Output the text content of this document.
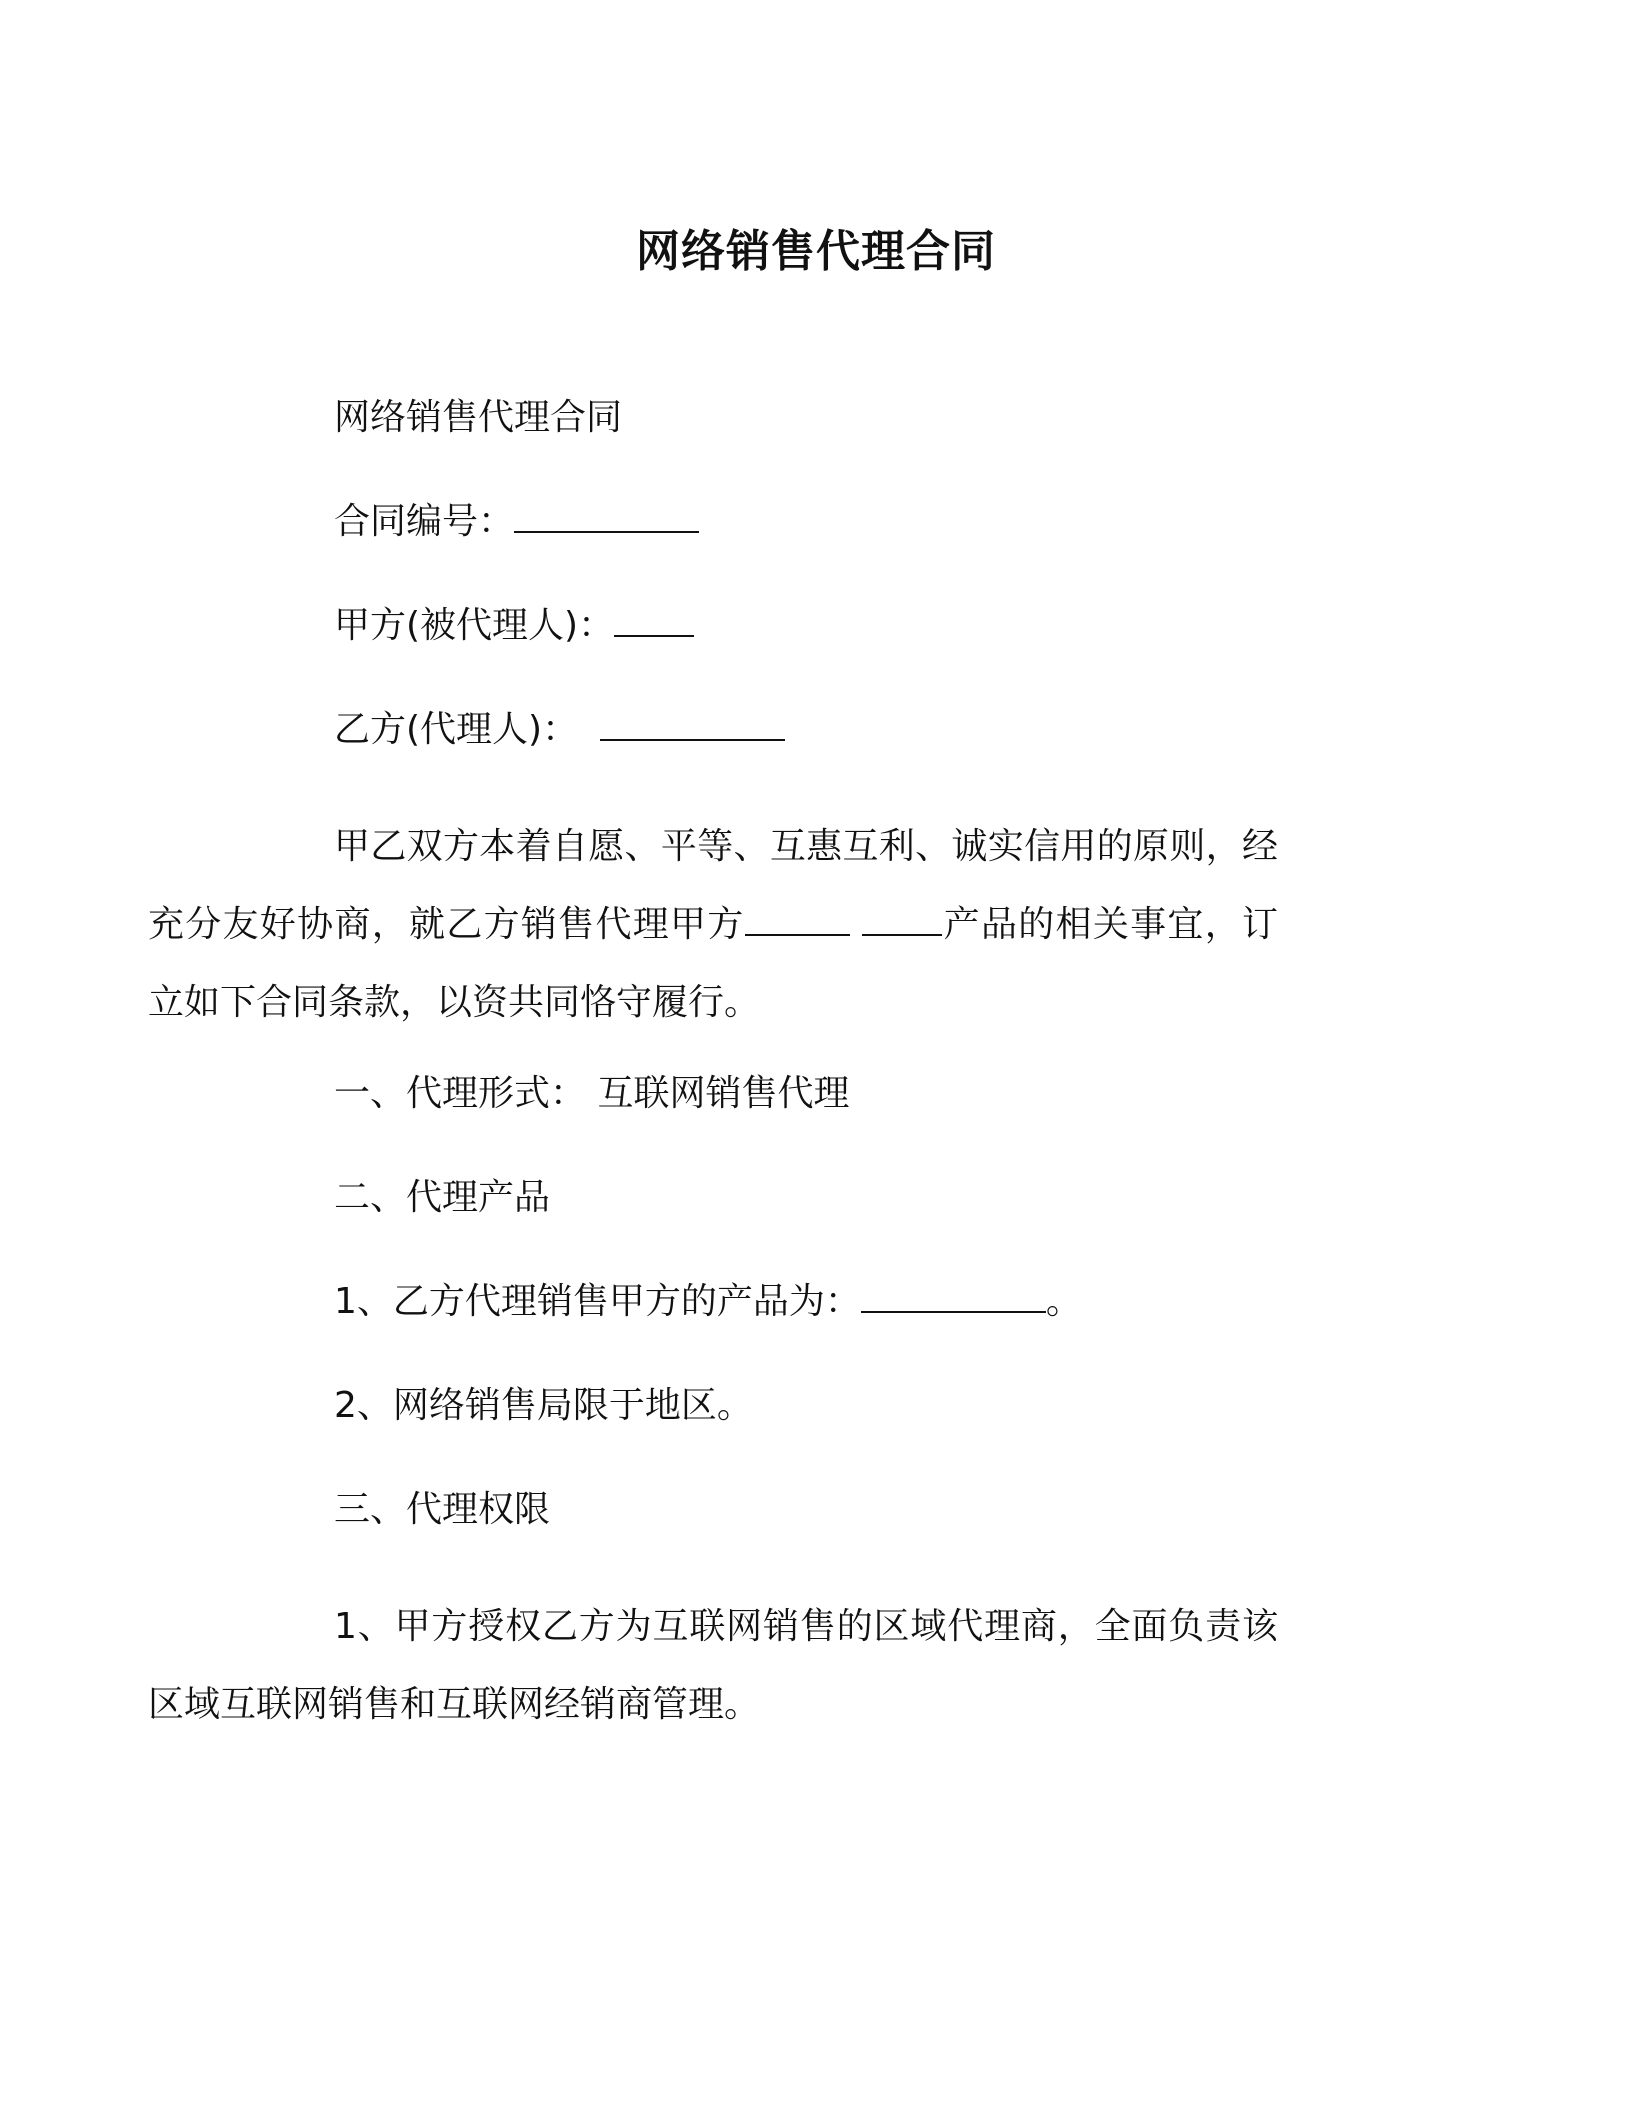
网络销售代理合同

网络销售代理合同

合同编号：

甲方(被代理人)：

乙方(代理人)：

甲乙双方本着自愿、平等、互惠互利、诚实信用的原则，经充分友好协商，就乙方销售代理甲方	产品的相关事宜，订立如下合同条款，以资共同恪守履行。

一、代理形式： 互联网销售代理

二、代理产品

1、乙方代理销售甲方的产品为：	。

2、网络销售局限于地区。

三、代理权限

1、甲方授权乙方为互联网销售的区域代理商，全面负责该区域互联网销售和互联网经销商管理。
